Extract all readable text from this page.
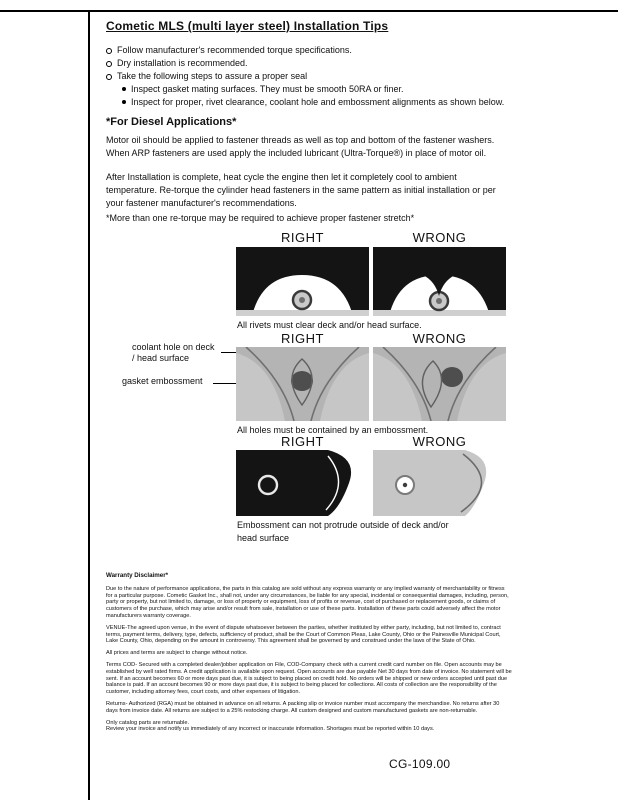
Cometic MLS (multi layer steel) Installation Tips
Follow manufacturer's recommended torque specifications.
Dry installation is recommended.
Take the following steps to assure a proper seal
Inspect gasket mating surfaces. They must be smooth 50RA or finer.
Inspect for proper, rivet clearance, coolant hole and embossment alignments as shown below.
*For Diesel Applications*
Motor oil should be applied to fastener threads as well as top and bottom of the fastener washers. When ARP fasteners are used apply the included lubricant (Ultra-Torque®) in place of motor oil.
After Installation is complete, heat cycle the engine then let it completely cool to ambient temperature. Re-torque the cylinder head fasteners in the same pattern as initial installation or per your fastener manufacturer's recommendations.
*More than one re-torque may be required to achieve proper fastener stretch*
RIGHT	WRONG
All rivets must clear deck and/or head surface.
RIGHT	WRONG
coolant hole on deck / head surface
gasket embossment
All holes must be contained by an embossment.
RIGHT	WRONG
Embossment can not protrude outside of deck and/or head surface

Warranty Disclaimer*

Due to the nature of performance applications, the parts in this catalog are sold without any express warranty or any implied warranty of merchantability or fitness for a particular purpose. Cometic Gasket Inc., shall not, under any circumstances, be liable for any special, incidental or consequential damages, including, person, party or property, but not limited to, damage, or loss of property or equipment, loss of profits or revenue, cost of purchased or replacement goods, or claims of customers of the purchase, which may arise and/or result from sale, installation or use of these parts. Installation of these parts could adversely affect the motor manufacturers warranty coverage.

VENUE-The agreed upon venue, in the event of dispute whatsoever between the parties, whether instituted by either party, including, but not limited to, contract terms, payment terms, delivery, type, defects, sufficiency of product, shall be the Court of Common Pleas, Lake County, Ohio or the Painesville Municipal Court, Lake County, Ohio, depending on the amount in controversy. This agreement shall be governed by and construed under the laws of the State of Ohio.

All prices and terms are subject to change without notice.

Terms COD- Secured with a completed dealer/jobber application on File, COD-Company check with a current credit card number on file. Open accounts may be established by well rated firms. A credit application is available upon request. Open accounts are due payable Net 30 days from date of invoice. No statement will be sent. If an account becomes 60 or more days past due, it is subject to being placed on credit hold. No orders will be shipped or new orders accepted until past due balance is paid. If an account becomes 90 or more days past due, it is subject to being placed for collections. All costs of collection are the responsibility of the customer, including attorney fees, court costs, and other expenses of litigation.

Returns- Authorized (RGA) must be obtained in advance on all returns. A packing slip or invoice number must accompany the merchandise. No returns after 30 days from invoice date. All returns are subject to a 25% restocking charge. All custom designed and custom manufactured gaskets are non-returnable.

Only catalog parts are returnable.

Review your invoice and notify us immediately of any incorrect or inaccurate information. Shortages must be reported within 10 days.

CG-109.00
